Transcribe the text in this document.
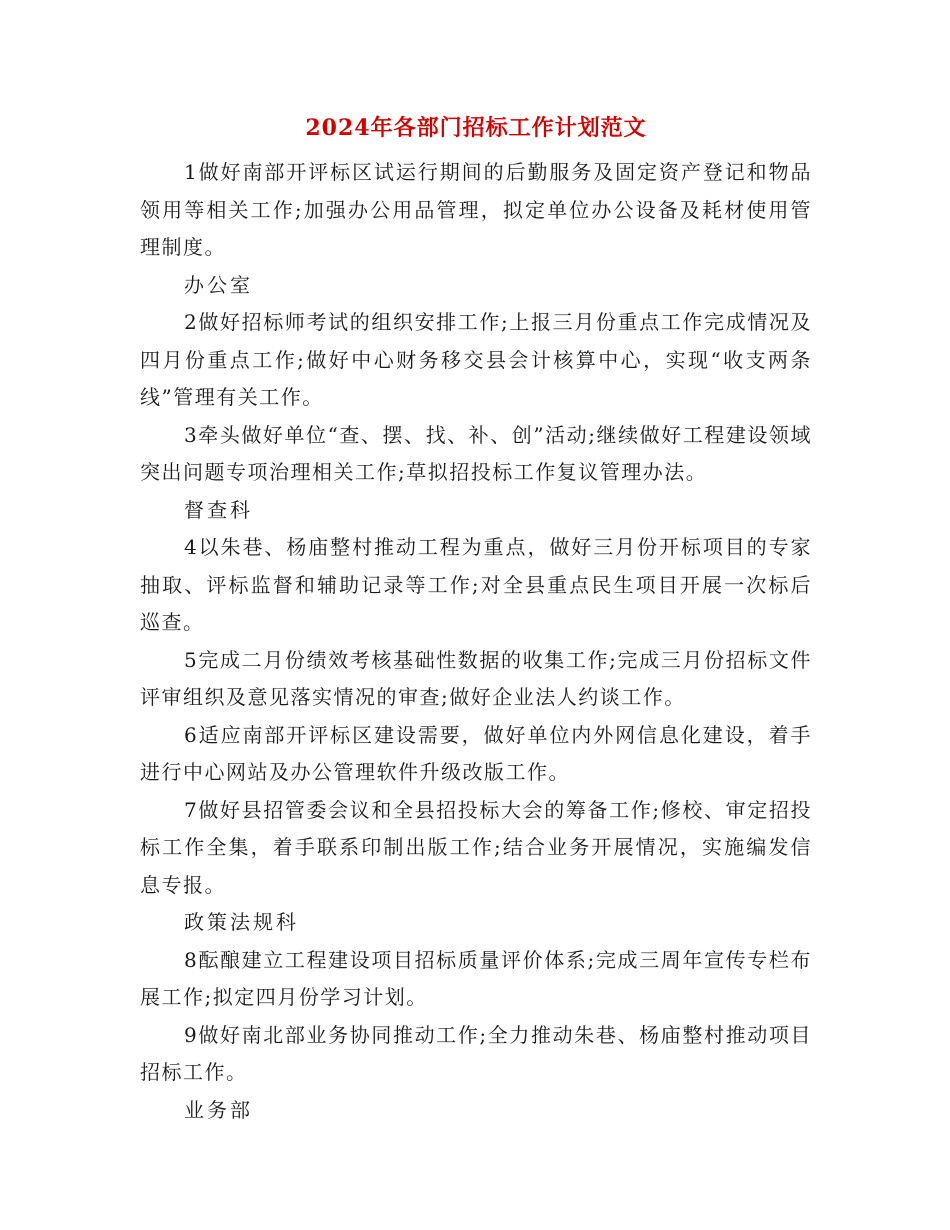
2024年各部门招标工作计划范文

1做好南部开评标区试运行期间的后勤服务及固定资产登记和物品领用等相关工作;加强办公用品管理，拟定单位办公设备及耗材使用管理制度。

办公室

2做好招标师考试的组织安排工作;上报三月份重点工作完成情况及四月份重点工作;做好中心财务移交县会计核算中心，实现“收支两条线”管理有关工作。

3牵头做好单位“查、摆、找、补、创”活动;继续做好工程建设领域突出问题专项治理相关工作;草拟招投标工作复议管理办法。

督查科

4以朱巷、杨庙整村推动工程为重点，做好三月份开标项目的专家抽取、评标监督和辅助记录等工作;对全县重点民生项目开展一次标后巡查。

5完成二月份绩效考核基础性数据的收集工作;完成三月份招标文件评审组织及意见落实情况的审查;做好企业法人约谈工作。

6适应南部开评标区建设需要，做好单位内外网信息化建设，着手进行中心网站及办公管理软件升级改版工作。

7做好县招管委会议和全县招投标大会的筹备工作;修校、审定招投标工作全集，着手联系印制出版工作;结合业务开展情况，实施编发信息专报。

政策法规科

8酝酿建立工程建设项目招标质量评价体系;完成三周年宣传专栏布展工作;拟定四月份学习计划。

9做好南北部业务协同推动工作;全力推动朱巷、杨庙整村推动项目招标工作。

业务部
